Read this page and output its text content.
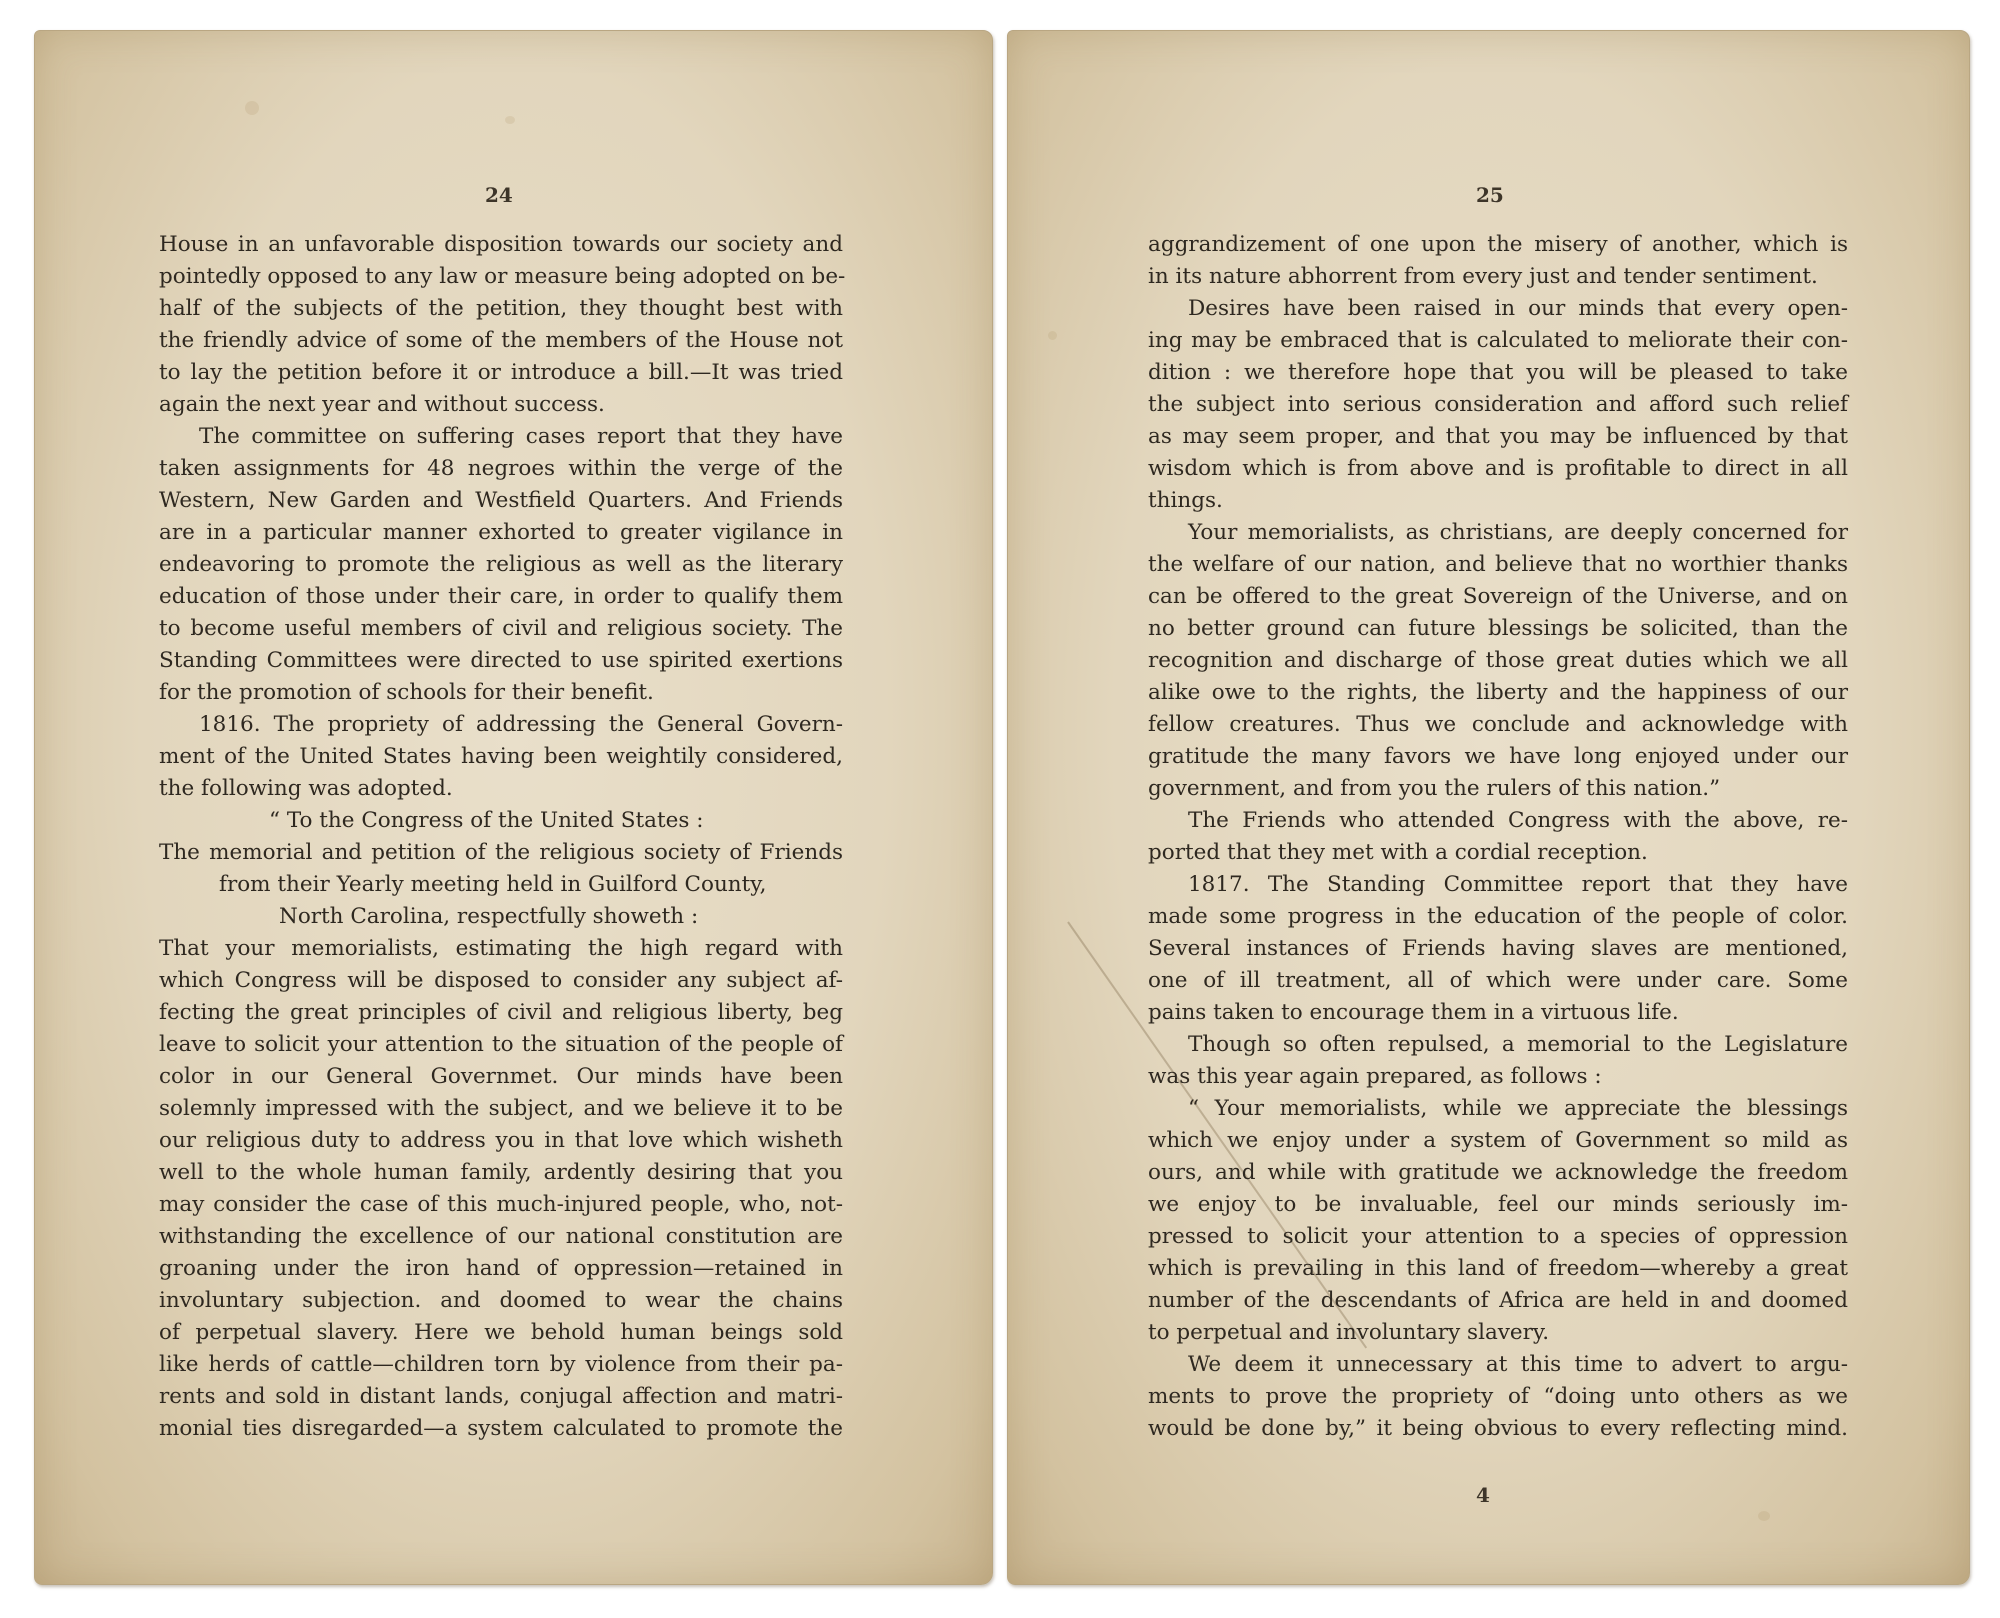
24
House in an unfavorable disposition towards our society and
pointedly opposed to any law or measure being adopted on be-
half of the subjects of the petition, they thought best with
the friendly advice of some of the members of the House not
to lay the petition before it or introduce a bill.—It was tried
again the next year and without success.
The committee on suffering cases report that they have
taken assignments for 48 negroes within the verge of the
Western, New Garden and Westfield Quarters. And Friends
are in a particular manner exhorted to greater vigilance in
endeavoring to promote the religious as well as the literary
education of those under their care, in order to qualify them
to become useful members of civil and religious society. The
Standing Committees were directed to use spirited exertions
for the promotion of schools for their benefit.
1816. The propriety of addressing the General Govern-
ment of the United States having been weightily considered,
the following was adopted.
“ To the Congress of the United States :
The memorial and petition of the religious society of Friends
from their Yearly meeting held in Guilford County,
North Carolina, respectfully showeth :
That your memorialists, estimating the high regard with
which Congress will be disposed to consider any subject af-
fecting the great principles of civil and religious liberty, beg
leave to solicit your attention to the situation of the people of
color in our General Governmet. Our minds have been
solemnly impressed with the subject, and we believe it to be
our religious duty to address you in that love which wisheth
well to the whole human family, ardently desiring that you
may consider the case of this much-injured people, who, not-
withstanding the excellence of our national constitution are
groaning under the iron hand of oppression—retained in
involuntary subjection. and doomed to wear the chains
of perpetual slavery. Here we behold human beings sold
like herds of cattle—children torn by violence from their pa-
rents and sold in distant lands, conjugal affection and matri-
monial ties disregarded—a system calculated to promote the
25
aggrandizement of one upon the misery of another, which is
in its nature abhorrent from every just and tender sentiment.
Desires have been raised in our minds that every open-
ing may be embraced that is calculated to meliorate their con-
dition : we therefore hope that you will be pleased to take
the subject into serious consideration and afford such relief
as may seem proper, and that you may be influenced by that
wisdom which is from above and is profitable to direct in all
things.
Your memorialists, as christians, are deeply concerned for
the welfare of our nation, and believe that no worthier thanks
can be offered to the great Sovereign of the Universe, and on
no better ground can future blessings be solicited, than the
recognition and discharge of those great duties which we all
alike owe to the rights, the liberty and the happiness of our
fellow creatures. Thus we conclude and acknowledge with
gratitude the many favors we have long enjoyed under our
government, and from you the rulers of this nation.”
The Friends who attended Congress with the above, re-
ported that they met with a cordial reception.
1817. The Standing Committee report that they have
made some progress in the education of the people of color.
Several instances of Friends having slaves are mentioned,
one of ill treatment, all of which were under care. Some
pains taken to encourage them in a virtuous life.
Though so often repulsed, a memorial to the Legislature
was this year again prepared, as follows :
“ Your memorialists, while we appreciate the blessings
which we enjoy under a system of Government so mild as
ours, and while with gratitude we acknowledge the freedom
we enjoy to be invaluable, feel our minds seriously im-
pressed to solicit your attention to a species of oppression
which is prevailing in this land of freedom—whereby a great
number of the descendants of Africa are held in and doomed
to perpetual and involuntary slavery.
We deem it unnecessary at this time to advert to argu-
ments to prove the propriety of “doing unto others as we
would be done by,” it being obvious to every reflecting mind.
4
